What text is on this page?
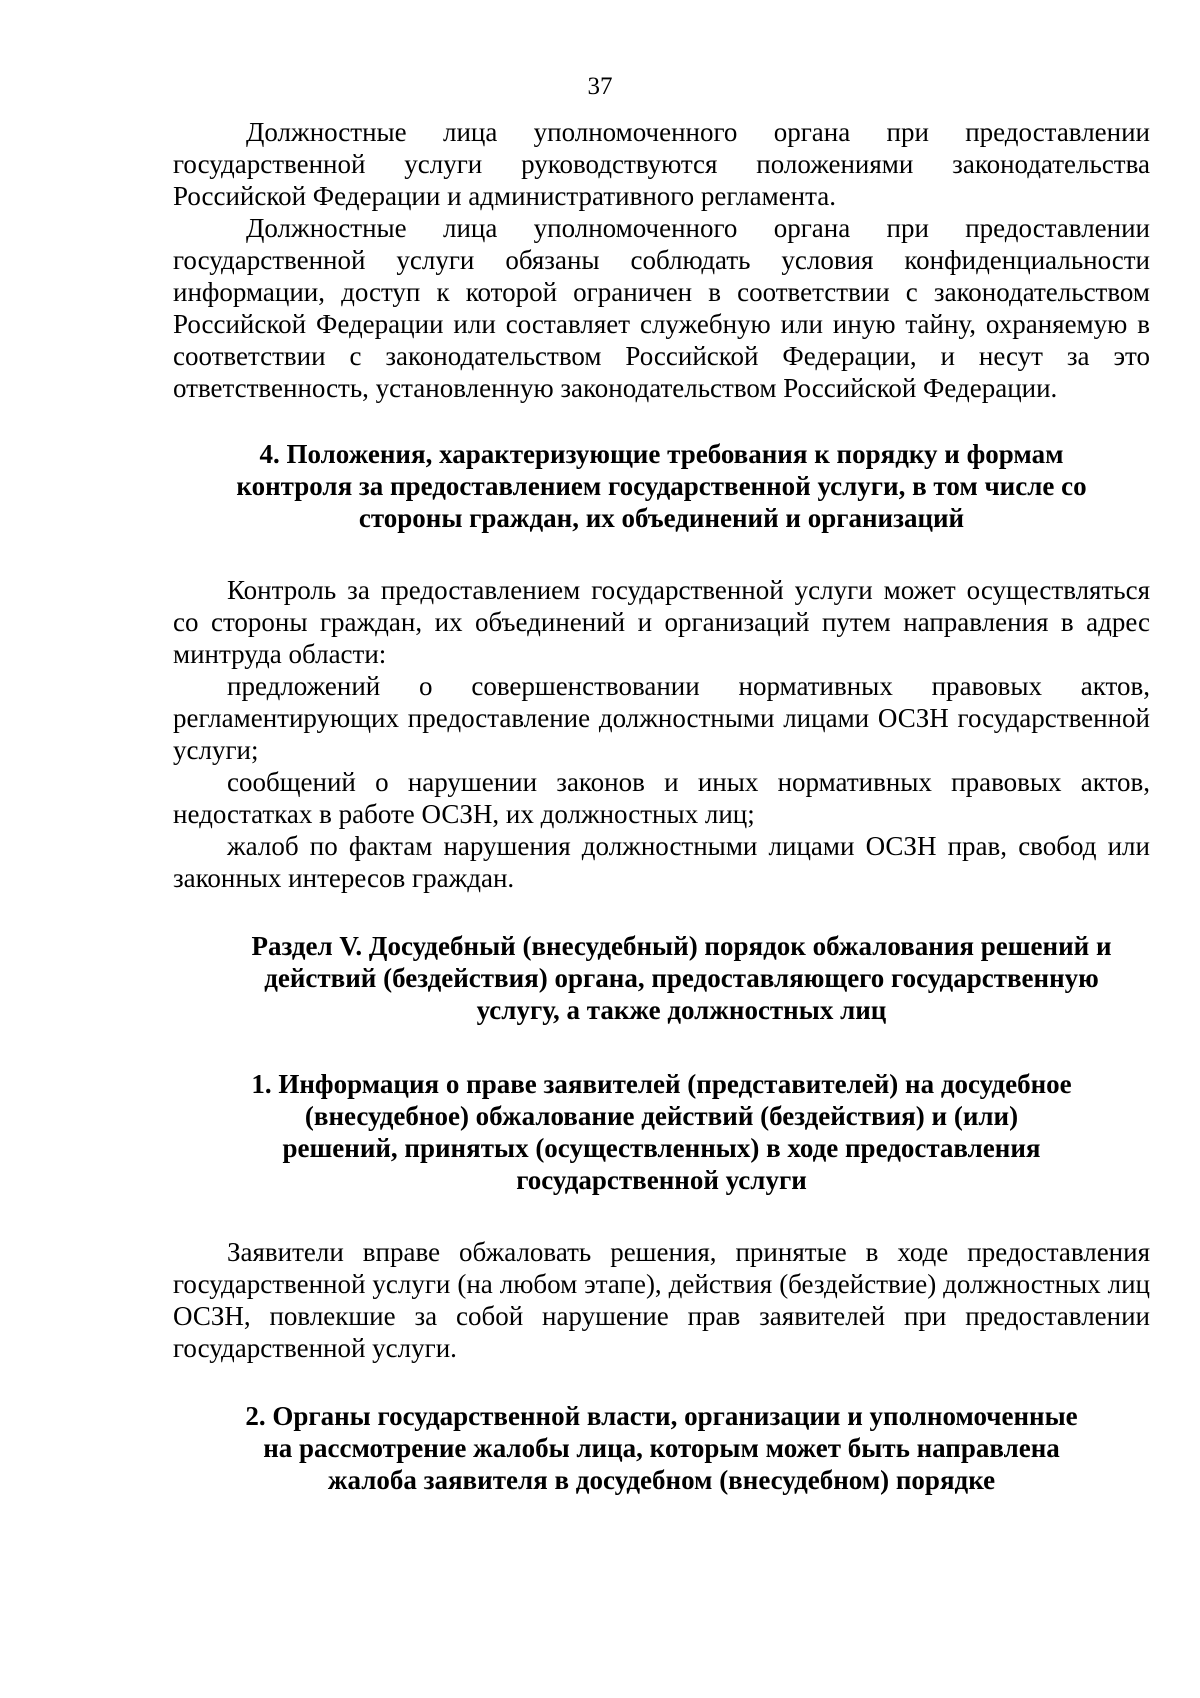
37

Должностные лица уполномоченного органа при предоставлении государственной услуги руководствуются положениями законодательства Российской Федерации и административного регламента.

Должностные лица уполномоченного органа при предоставлении государственной услуги обязаны соблюдать условия конфиденциальности информации, доступ к которой ограничен в соответствии с законодательством Российской Федерации или составляет служебную или иную тайну, охраняемую в соответствии с законодательством Российской Федерации, и несут за это ответственность, установленную законодательством Российской Федерации.

4. Положения, характеризующие требования к порядку и формам
контроля за предоставлением государственной услуги, в том числе со
стороны граждан, их объединений и организаций

Контроль за предоставлением государственной услуги может осуществляться со стороны граждан, их объединений и организаций путем направления в адрес минтруда области:

предложений о совершенствовании нормативных правовых актов, регламентирующих предоставление должностными лицами ОСЗН государственной услуги;

сообщений о нарушении законов и иных нормативных правовых актов, недостатках в работе ОСЗН, их должностных лиц;

жалоб по фактам нарушения должностными лицами ОСЗН прав, свобод или законных интересов граждан.

Раздел V. Досудебный (внесудебный) порядок обжалования решений и
действий (бездействия) органа, предоставляющего государственную
услугу, а также должностных лиц
1. Информация о праве заявителей (представителей) на досудебное
(внесудебное) обжалование действий (бездействия) и (или)
решений, принятых (осуществленных) в ходе предоставления
государственной услуги

Заявители вправе обжаловать решения, принятые в ходе предоставления государственной услуги (на любом этапе), действия (бездействие) должностных лиц ОСЗН, повлекшие за собой нарушение прав заявителей при предоставлении государственной услуги.

2. Органы государственной власти, организации и уполномоченные
на рассмотрение жалобы лица, которым может быть направлена
жалоба заявителя в досудебном (внесудебном) порядке
